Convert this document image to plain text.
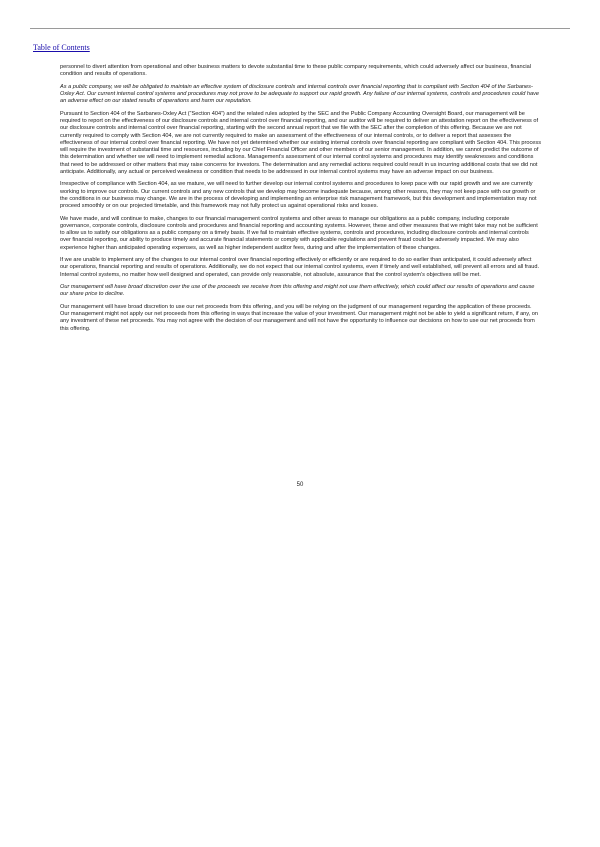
Table of Contents

personnel to divert attention from operational and other business matters to devote substantial time to these public company requirements, which could adversely affect our business, financial condition and results of operations.

As a public company, we will be obligated to maintain an effective system of disclosure controls and internal controls over financial reporting that is compliant with Section 404 of the Sarbanes-Oxley Act. Our current internal control systems and procedures may not prove to be adequate to support our rapid growth. Any failure of our internal systems, controls and procedures could have an adverse effect on our stated results of operations and harm our reputation.

Pursuant to Section 404 of the Sarbanes-Oxley Act (“Section 404”) and the related rules adopted by the SEC and the Public Company Accounting Oversight Board, our management will be required to report on the effectiveness of our disclosure controls and internal control over financial reporting, and our auditor will be required to deliver an attestation report on the effectiveness of our disclosure controls and internal control over financial reporting, starting with the second annual report that we file with the SEC after the completion of this offering. Because we are not currently required to comply with Section 404, we are not currently required to make an assessment of the effectiveness of our internal controls, or to deliver a report that assesses the effectiveness of our internal control over financial reporting. We have not yet determined whether our existing internal controls over financial reporting are compliant with Section 404. This process will require the investment of substantial time and resources, including by our Chief Financial Officer and other members of our senior management. In addition, we cannot predict the outcome of this determination and whether we will need to implement remedial actions. Management’s assessment of our internal control systems and procedures may identify weaknesses and conditions that need to be addressed or other matters that may raise concerns for investors. The determination and any remedial actions required could result in us incurring additional costs that we did not anticipate. Additionally, any actual or perceived weakness or condition that needs to be addressed in our internal control systems may have an adverse impact on our business.

Irrespective of compliance with Section 404, as we mature, we will need to further develop our internal control systems and procedures to keep pace with our rapid growth and we are currently working to improve our controls. Our current controls and any new controls that we develop may become inadequate because, among other reasons, they may not keep pace with our growth or the conditions in our business may change. We are in the process of developing and implementing an enterprise risk management framework, but this development and implementation may not proceed smoothly or on our projected timetable, and this framework may not fully protect us against operational risks and losses.

We have made, and will continue to make, changes to our financial management control systems and other areas to manage our obligations as a public company, including corporate governance, corporate controls, disclosure controls and procedures and financial reporting and accounting systems. However, these and other measures that we might take may not be sufficient to allow us to satisfy our obligations as a public company on a timely basis. If we fail to maintain effective systems, controls and procedures, including disclosure controls and internal controls over financial reporting, our ability to produce timely and accurate financial statements or comply with applicable regulations and prevent fraud could be adversely impacted. We may also experience higher than anticipated operating expenses, as well as higher independent auditor fees, during and after the implementation of these changes.

If we are unable to implement any of the changes to our internal control over financial reporting effectively or efficiently or are required to do so earlier than anticipated, it could adversely affect our operations, financial reporting and results of operations. Additionally, we do not expect that our internal control systems, even if timely and well established, will prevent all errors and all fraud. Internal control systems, no matter how well designed and operated, can provide only reasonable, not absolute, assurance that the control system’s objectives will be met.

Our management will have broad discretion over the use of the proceeds we receive from this offering and might not use them effectively, which could affect our results of operations and cause our share price to decline.

Our management will have broad discretion to use our net proceeds from this offering, and you will be relying on the judgment of our management regarding the application of these proceeds. Our management might not apply our net proceeds from this offering in ways that increase the value of your investment. Our management might not be able to yield a significant return, if any, on any investment of these net proceeds. You may not agree with the decision of our management and will not have the opportunity to influence our decisions on how to use our net proceeds from this offering.

50
